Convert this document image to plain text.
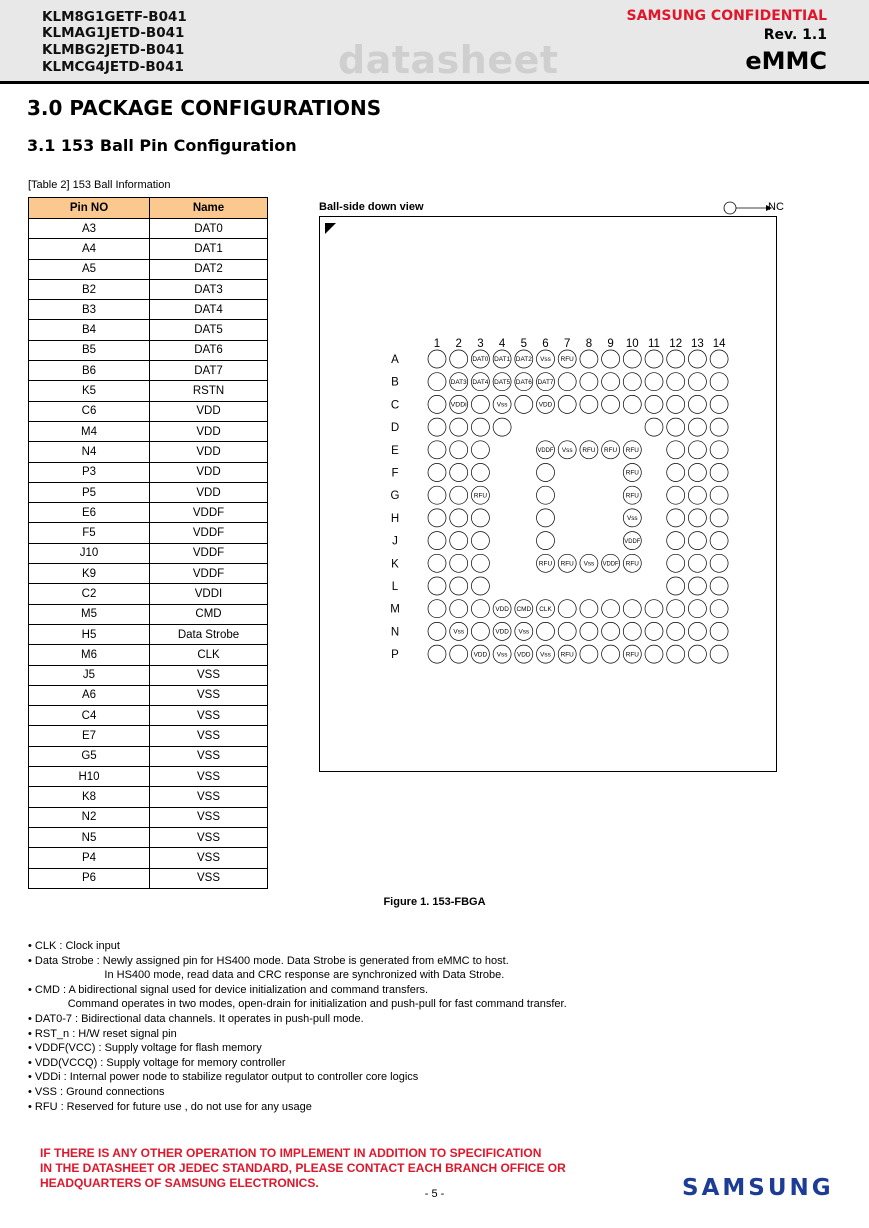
KLM8G1GETF-B041
KLMAG1JETD-B041
KLMBG2JETD-B041
KLMCG4JETD-B041	datasheet
SAMSUNG CONFIDENTIAL
Rev. 1.1
eMMC
3.0 PACKAGE CONFIGURATIONS
3.1 153 Ball Pin Configuration
[Table 2] 153 Ball Information
Pin NO	Name
A3	DAT0
A4	DAT1
A5	DAT2
B2	DAT3
B3	DAT4
B4	DAT5
B5	DAT6
B6	DAT7
K5	RSTN
C6	VDD
M4	VDD
N4	VDD
P3	VDD
P5	VDD
E6	VDDF
F5	VDDF
J10	VDDF
K9	VDDF
C2	VDDI
M5	CMD
H5	Data Strobe
M6	CLK
J5	VSS
A6	VSS
C4	VSS
E7	VSS
G5	VSS
H10	VSS
K8	VSS
N2	VSS
N5	VSS
P4	VSS
P6	VSS
Ball-side down view	NC
1 2 3 4 5 6 7 8 9 10 11 12 13 14
A	DAT0 DAT1 DAT2 Vss RFU
B	DAT3 DAT4 DAT5 DAT6 DAT7
C	VDDi	Vss	VDD
D
E	VDDF Vss RFU RFU RFU
F	RFU
G	RFU	RFU
H	Vss
J	VDDF
K	RFU RFU Vss VDDF RFU
L
M	VDD CMD CLK
N	Vss	VDD Vss
P	VDD Vss VDD Vss RFU	RFU
Figure 1. 153-FBGA
• CLK : Clock input
• Data Strobe : Newly assigned pin for HS400 mode. Data Strobe is generated from eMMC to host.
In HS400 mode, read data and CRC response are synchronized with Data Strobe.
• CMD : A bidirectional signal used for device initialization and command transfers.
Command operates in two modes, open-drain for initialization and push-pull for fast command transfer.
• DAT0-7 : Bidirectional data channels. It operates in push-pull mode.
• RST_n : H/W reset signal pin
• VDDF(VCC) : Supply voltage for flash memory
• VDD(VCCQ) : Supply voltage for memory controller
• VDDi : Internal power node to stabilize regulator output to controller core logics
• VSS : Ground connections
• RFU : Reserved for future use , do not use for any usage
IF THERE IS ANY OTHER OPERATION TO IMPLEMENT IN ADDITION TO SPECIFICATION
IN THE DATASHEET OR JEDEC STANDARD, PLEASE CONTACT EACH BRANCH OFFICE OR
HEADQUARTERS OF SAMSUNG ELECTRONICS.
- 5 -	SAMSUNG
